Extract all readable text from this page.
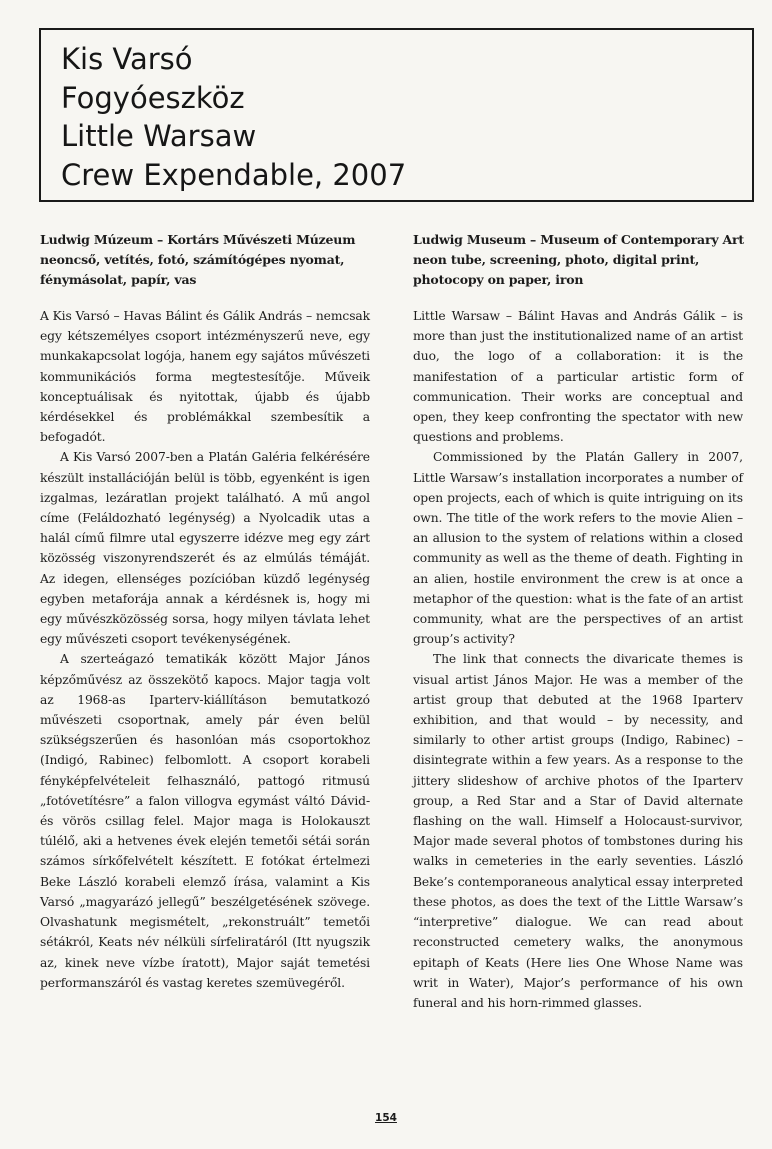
Kis Varsó
Fogyóeszköz
Little Warsaw
Crew Expendable, 2007
Ludwig Múzeum – Kortárs Művészeti Múzeum
neoncső, vetítés, fotó, számítógépes nyomat,
fénymásolat, papír, vas

A Kis Varsó – Havas Bálint és Gálik András – nemcsak egy kétszemélyes csoport intézményszerű neve, egy munkakapcsolat logója, hanem egy sajátos művészeti kommunikációs forma megtestesítője. Műveik konceptuálisak és nyitottak, újabb és újabb kérdésekkel és problémákkal szembesítik a befogadót.

A Kis Varsó 2007-ben a Platán Galéria felkérésére készült installációján belül is több, egyenként is igen izgalmas, lezáratlan projekt található. A mű angol címe (Feláldozható legénység) a Nyolcadik utas a halál című filmre utal egyszerre idézve meg egy zárt közösség viszonyrendszerét és az elmúlás témáját. Az idegen, ellenséges pozícióban küzdő legénység egyben metaforája annak a kérdésnek is, hogy mi egy művészközösség sorsa, hogy milyen távlata lehet egy művészeti csoport tevékenységének.

A szerteágazó tematikák között Major János képzőművész az összekötő kapocs. Major tagja volt az 1968-as Iparterv-kiállításon bemutatkozó művészeti csoportnak, amely pár éven belül szükségszerűen és hasonlóan más csoportokhoz (Indigó, Rabinec) felbomlott. A csoport korabeli fényképfelvételeit felhasználó, pattogó ritmusú „fotóvetítésre” a falon villogva egymást váltó Dávid- és vörös csillag felel. Major maga is Holokauszt túlélő, aki a hetvenes évek elején temetői sétái során számos sírkőfelvételt készített. E fotókat értelmezi Beke László korabeli elemző írása, valamint a Kis Varsó „magyarázó jellegű” beszélgetésének szövege. Olvashatunk megismételt, „rekonstruált” temetői sétákról, Keats név nélküli sírfeliratáról (Itt nyugszik az, kinek neve vízbe íratott), Major saját temetési performanszáról és vastag keretes szemüvegéről.

Ludwig Museum – Museum of Contemporary Art
neon tube, screening, photo, digital print,
photocopy on paper, iron

Little Warsaw – Bálint Havas and András Gálik – is more than just the institutionalized name of an artist duo, the logo of a collaboration: it is the manifestation of a particular artistic form of communication. Their works are conceptual and open, they keep confronting the spectator with new questions and problems.

Commissioned by the Platán Gallery in 2007, Little Warsaw’s installation incorporates a number of open projects, each of which is quite intriguing on its own. The title of the work refers to the movie Alien – an allusion to the system of relations within a closed community as well as the theme of death. Fighting in an alien, hostile environment the crew is at once a metaphor of the question: what is the fate of an artist community, what are the perspectives of an artist group’s activity?

The link that connects the divaricate themes is visual artist János Major. He was a member of the artist group that debuted at the 1968 Iparterv exhibition, and that would – by necessity, and similarly to other artist groups (Indigo, Rabinec) – disintegrate within a few years. As a response to the jittery slideshow of archive photos of the Iparterv group, a Red Star and a Star of David alternate flashing on the wall. Himself a Holocaust-survivor, Major made several photos of tombstones during his walks in cemeteries in the early seventies. László Beke’s contemporaneous analytical essay interpreted these photos, as does the text of the Little Warsaw’s “interpretive” dialogue. We can read about reconstructed cemetery walks, the anonymous epitaph of Keats (Here lies One Whose Name was writ in Water), Major’s performance of his own funeral and his horn-rimmed glasses.

154
